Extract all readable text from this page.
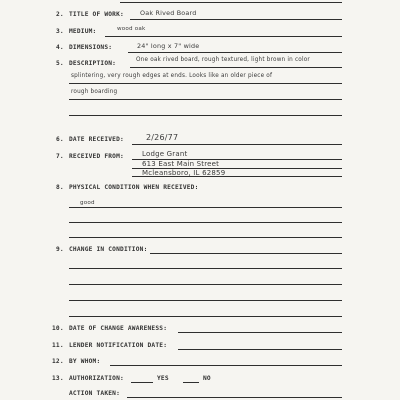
2. TITLE OF WORK:	Oak Rived Board
3. MEDIUM:	wood oak
4. DIMENSIONS:	24" long x 7" wide
5. DESCRIPTION:	One oak rived board, rough textured, light brown in color
splintering, very rough edges at ends. Looks like an older piece of
rough boarding
6. DATE RECEIVED:	2/26/77
7. RECEIVED FROM:	Lodge Grant
613 East Main Street
Mcleansboro, IL 62859
8. PHYSICAL CONDITION WHEN RECEIVED:
good
9. CHANGE IN CONDITION:
10. DATE OF CHANGE AWARENESS:
11. LENDER NOTIFICATION DATE:
12. BY WHOM:
13. AUTHORIZATION:	YES	NO
ACTION TAKEN:
